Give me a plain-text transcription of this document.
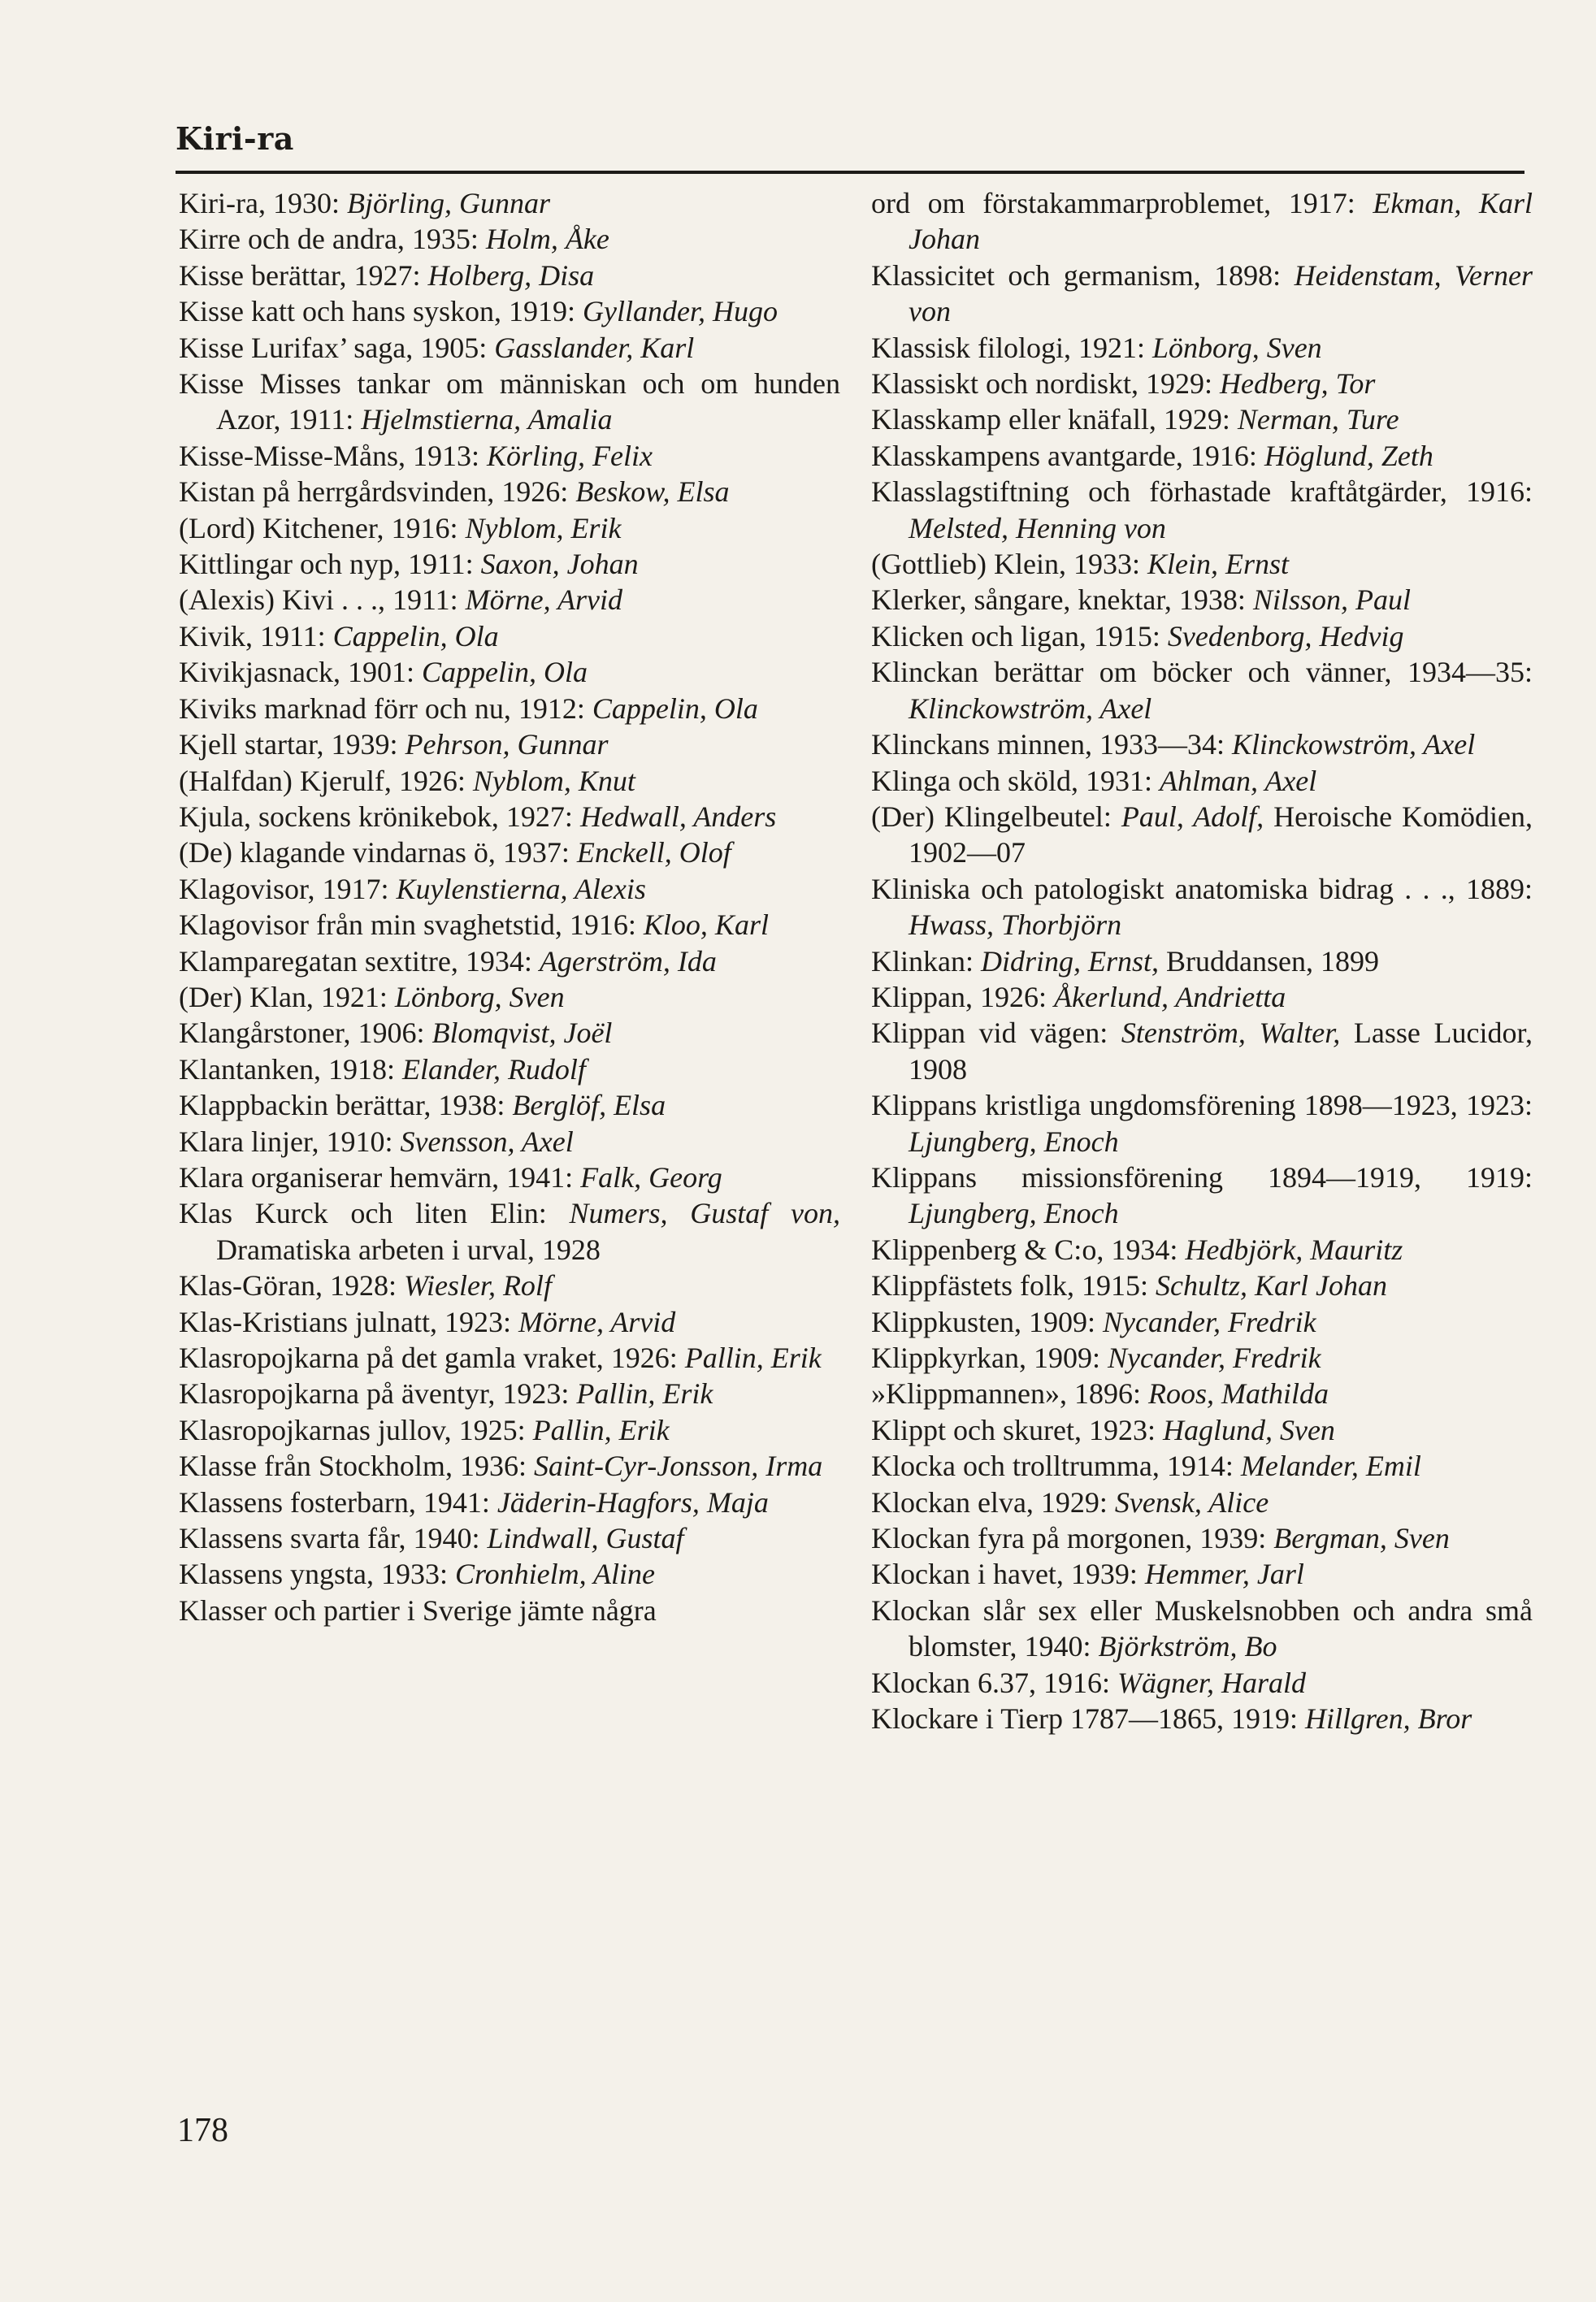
Kiri-ra
Kiri-ra, 1930: Björling, Gunnar
Kirre och de andra, 1935: Holm, Åke
Kisse berättar, 1927: Holberg, Disa
Kisse katt och hans syskon, 1919: Gyllander, Hugo
Kisse Lurifax’ saga, 1905: Gasslander, Karl
Kisse Misses tankar om människan och om hunden Azor, 1911: Hjelmstierna, Amalia
Kisse-Misse-Måns, 1913: Körling, Felix
Kistan på herrgårdsvinden, 1926: Beskow, Elsa
(Lord) Kitchener, 1916: Nyblom, Erik
Kittlingar och nyp, 1911: Saxon, Johan
(Alexis) Kivi . . ., 1911: Mörne, Arvid
Kivik, 1911: Cappelin, Ola
Kivikjasnack, 1901: Cappelin, Ola
Kiviks marknad förr och nu, 1912: Cappelin, Ola
Kjell startar, 1939: Pehrson, Gunnar
(Halfdan) Kjerulf, 1926: Nyblom, Knut
Kjula, sockens krönikebok, 1927: Hedwall, Anders
(De) klagande vindarnas ö, 1937: Enckell, Olof
Klagovisor, 1917: Kuylenstierna, Alexis
Klagovisor från min svaghetstid, 1916: Kloo, Karl
Klamparegatan sextitre, 1934: Agerström, Ida
(Der) Klan, 1921: Lönborg, Sven
Klangårstoner, 1906: Blomqvist, Joël
Klantanken, 1918: Elander, Rudolf
Klappbackin berättar, 1938: Berglöf, Elsa
Klara linjer, 1910: Svensson, Axel
Klara organiserar hemvärn, 1941: Falk, Georg
Klas Kurck och liten Elin: Numers, Gustaf von, Dramatiska arbeten i urval, 1928
Klas-Göran, 1928: Wiesler, Rolf
Klas-Kristians julnatt, 1923: Mörne, Arvid
Klasropojkarna på det gamla vraket, 1926: Pallin, Erik
Klasropojkarna på äventyr, 1923: Pallin, Erik
Klasropojkarnas jullov, 1925: Pallin, Erik
Klasse från Stockholm, 1936: Saint-Cyr-Jonsson, Irma
Klassens fosterbarn, 1941: Jäderin-Hagfors, Maja
Klassens svarta får, 1940: Lindwall, Gustaf
Klassens yngsta, 1933: Cronhielm, Aline
Klasser och partier i Sverige jämte några
ord om förstakammarproblemet, 1917: Ekman, Karl Johan
Klassicitet och germanism, 1898: Heidenstam, Verner von
Klassisk filologi, 1921: Lönborg, Sven
Klassiskt och nordiskt, 1929: Hedberg, Tor
Klasskamp eller knäfall, 1929: Nerman, Ture
Klasskampens avantgarde, 1916: Höglund, Zeth
Klasslagstiftning och förhastade kraftåtgärder, 1916: Melsted, Henning von
(Gottlieb) Klein, 1933: Klein, Ernst
Klerker, sångare, knektar, 1938: Nilsson, Paul
Klicken och ligan, 1915: Svedenborg, Hedvig
Klinckan berättar om böcker och vänner, 1934—35: Klinckowström, Axel
Klinckans minnen, 1933—34: Klinckowström, Axel
Klinga och sköld, 1931: Ahlman, Axel
(Der) Klingelbeutel: Paul, Adolf, Heroische Komödien, 1902—07
Kliniska och patologiskt anatomiska bidrag . . ., 1889: Hwass, Thorbjörn
Klinkan: Didring, Ernst, Bruddansen, 1899
Klippan, 1926: Åkerlund, Andrietta
Klippan vid vägen: Stenström, Walter, Lasse Lucidor, 1908
Klippans kristliga ungdomsförening 1898—1923, 1923: Ljungberg, Enoch
Klippans missionsförening 1894—1919, 1919: Ljungberg, Enoch
Klippenberg & C:o, 1934: Hedbjörk, Mauritz
Klippfästets folk, 1915: Schultz, Karl Johan
Klippkusten, 1909: Nycander, Fredrik
Klippkyrkan, 1909: Nycander, Fredrik
»Klippmannen», 1896: Roos, Mathilda
Klippt och skuret, 1923: Haglund, Sven
Klocka och trolltrumma, 1914: Melander, Emil
Klockan elva, 1929: Svensk, Alice
Klockan fyra på morgonen, 1939: Bergman, Sven
Klockan i havet, 1939: Hemmer, Jarl
Klockan slår sex eller Muskelsnobben och andra små blomster, 1940: Björkström, Bo
Klockan 6.37, 1916: Wägner, Harald
Klockare i Tierp 1787—1865, 1919: Hillgren, Bror
178
